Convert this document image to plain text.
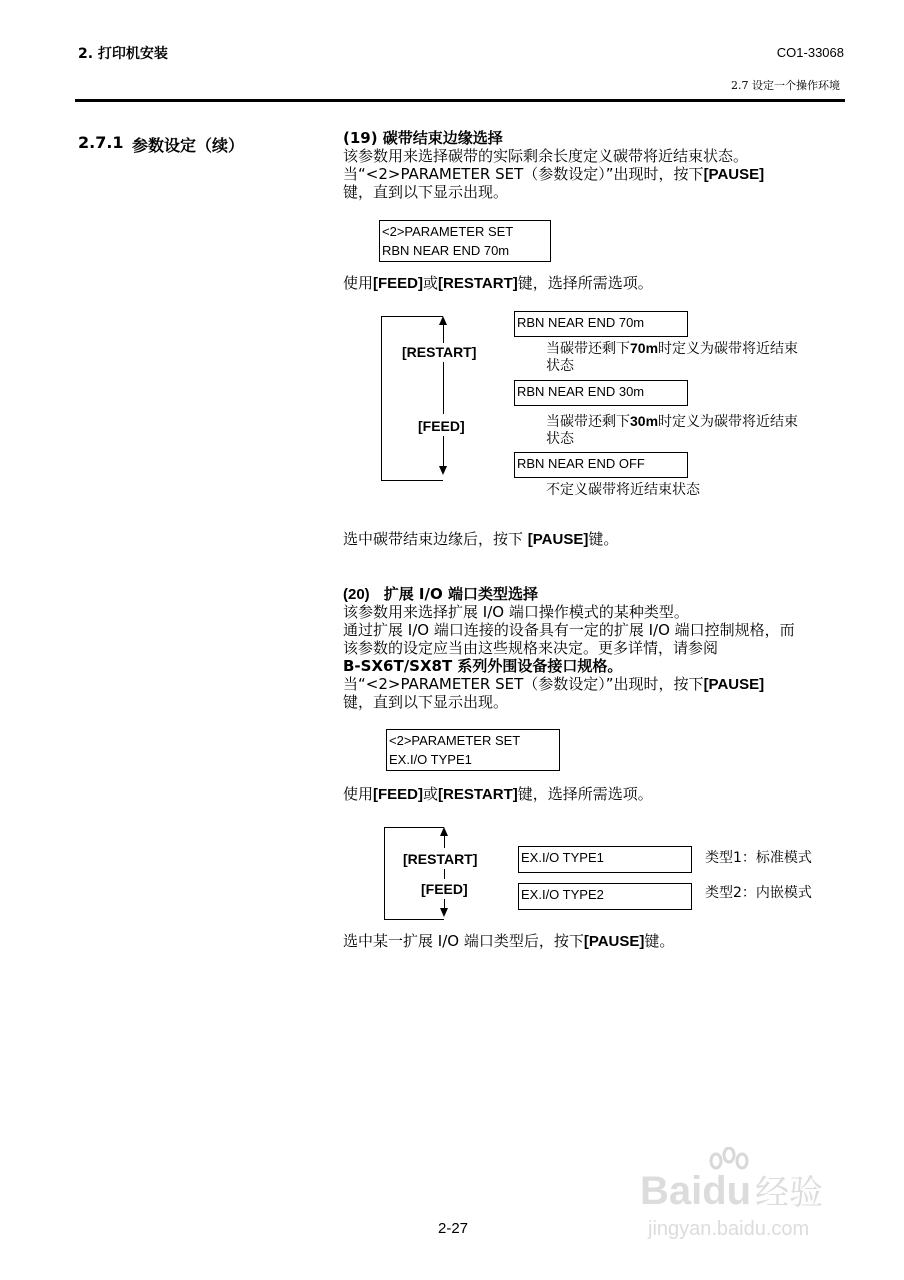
2. 打印机安装	CO1-33068
2.7 设定一个操作环境
2.7.1 参数设定（续）	(19) 碳带结束边缘选择
该参数用来选择碳带的实际剩余长度定义碳带将近结束状态。
当“<2>PARAMETER SET（参数设定）”出现时，按下[PAUSE]
键，直到以下显示出现。
<2>PARAMETER SET
RBN NEAR END 70m
使用[FEED]或[RESTART]键，选择所需选项。
[RESTART]
[FEED]
RBN NEAR END 70m
当碳带还剩下70m时定义为碳带将近结束
状态
RBN NEAR END 30m
当碳带还剩下30m时定义为碳带将近结束
状态
RBN NEAR END OFF
不定义碳带将近结束状态
选中碳带结束边缘后，按下 [PAUSE]键。
(20) 扩展 I/O 端口类型选择
该参数用来选择扩展 I/O 端口操作模式的某种类型。
通过扩展 I/O 端口连接的设备具有一定的扩展 I/O 端口控制规格，而
该参数的设定应当由这些规格来决定。更多详情，请参阅
B-SX6T/SX8T 系列外围设备接口规格。
当“<2>PARAMETER SET（参数设定）”出现时，按下[PAUSE]
键，直到以下显示出现。
<2>PARAMETER SET
EX.I/O TYPE1
使用[FEED]或[RESTART]键，选择所需选项。
[RESTART]
[FEED]
EX.I/O TYPE1	类型1：标准模式
EX.I/O TYPE2	类型2：内嵌模式
选中某一扩展 I/O 端口类型后，按下[PAUSE]键。
2-27
Baidu 经验
jingyan.baidu.com
